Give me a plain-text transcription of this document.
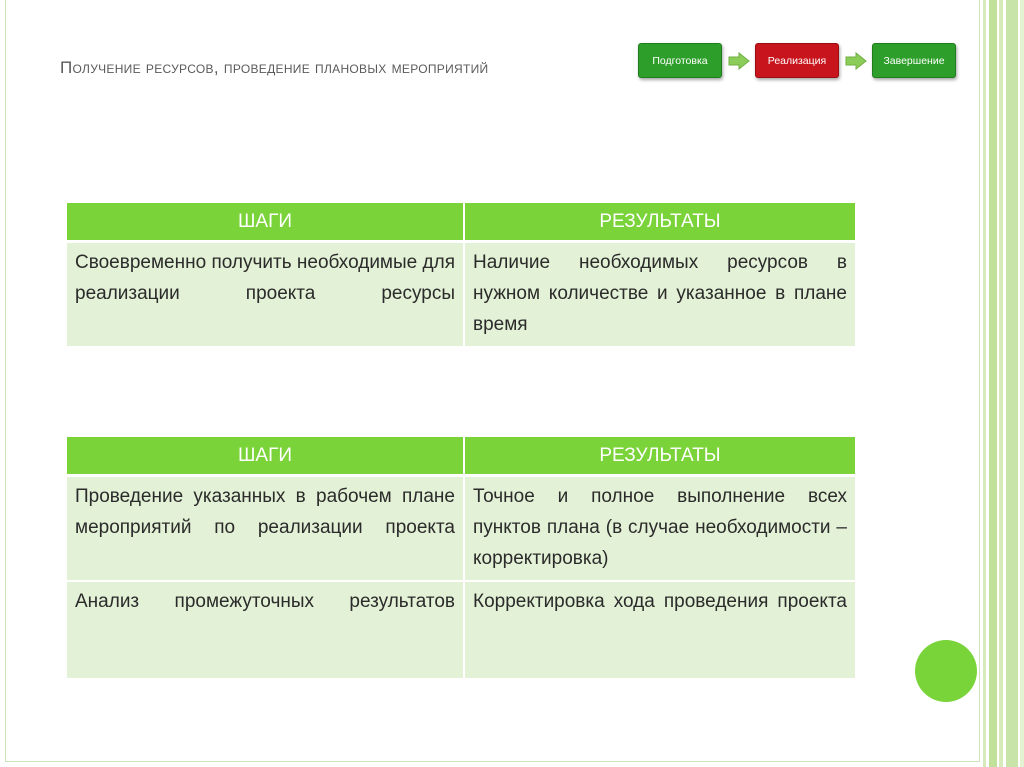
Получение ресурсов, проведение плановых мероприятий	Подготовка	Реализация	Завершение
ШАГИ	РЕЗУЛЬТАТЫ
Своевременно получить необходимые для реализации проекта ресурсы	Наличие необходимых ресурсов в нужном количестве и указанное в плане время
ШАГИ	РЕЗУЛЬТАТЫ
Проведение указанных в рабочем плане мероприятий по реализации проекта	Точное и полное выполнение всех пунктов плана (в случае необходимости – корректировка)
Анализ промежуточных результатов	Корректировка хода проведения проекта
